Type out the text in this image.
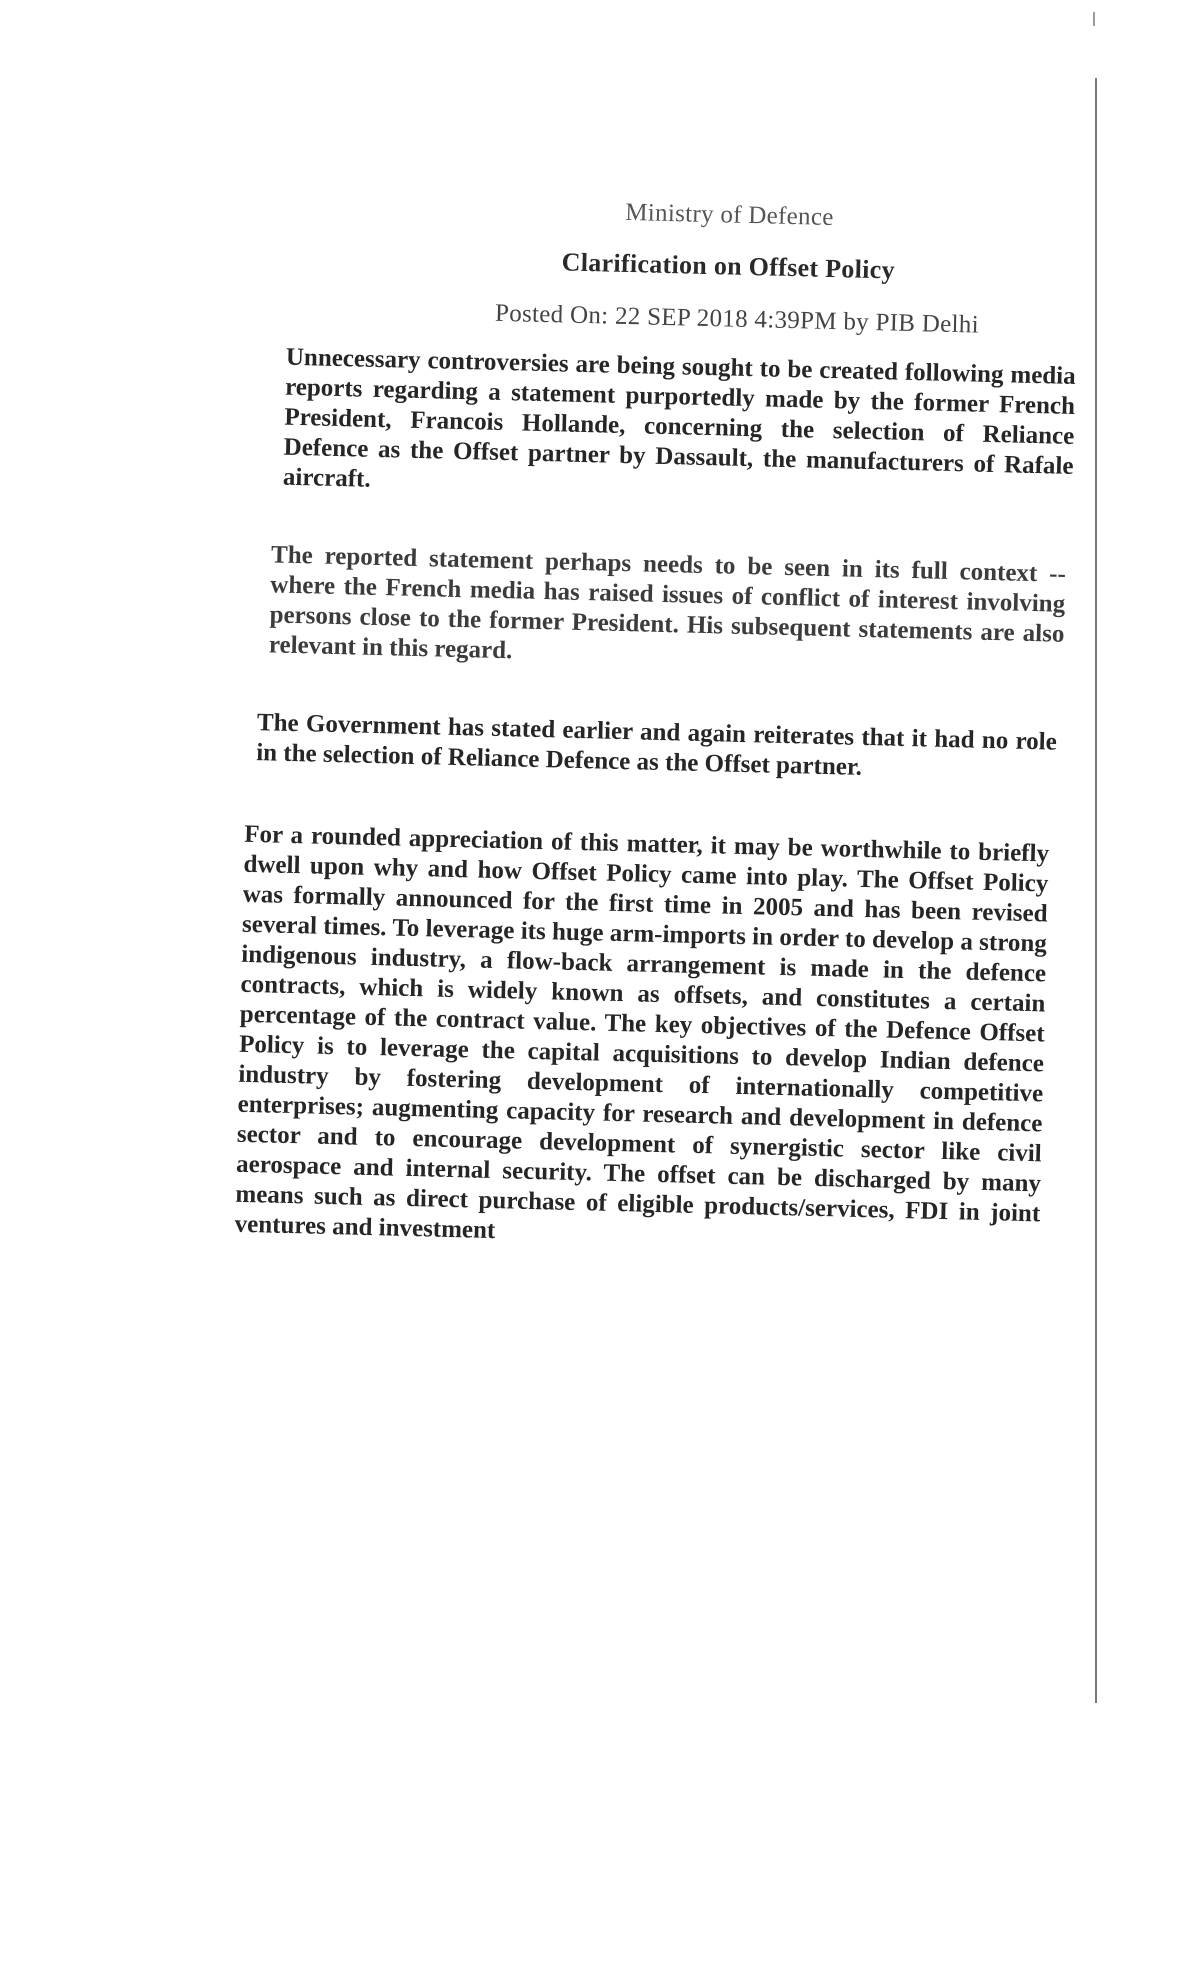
Ministry of Defence

Clarification on Offset Policy

Posted On: 22 SEP 2018 4:39PM by PIB Delhi

Unnecessary controversies are being sought to be created following media reports regarding a statement purportedly made by the former French President, Francois Hollande, concerning the selection of Reliance Defence as the Offset partner by Dassault, the manufacturers of Rafale aircraft.

The reported statement perhaps needs to be seen in its full context -- where the French media has raised issues of conflict of interest involving persons close to the former President. His subsequent statements are also relevant in this regard.

The Government has stated earlier and again reiterates that it had no role in the selection of Reliance Defence as the Offset partner.

For a rounded appreciation of this matter, it may be worthwhile to briefly dwell upon why and how Offset Policy came into play. The Offset Policy was formally announced for the first time in 2005 and has been revised several times. To leverage its huge arm-imports in order to develop a strong indigenous industry, a flow-back arrangement is made in the defence contracts, which is widely known as offsets, and constitutes a certain percentage of the contract value. The key objectives of the Defence Offset Policy is to leverage the capital acquisitions to develop Indian defence industry by fostering development of internationally competitive enterprises; augmenting capacity for research and development in defence sector and to encourage development of synergistic sector like civil aerospace and internal security. The offset can be discharged by many means such as direct purchase of eligible products/services, FDI in joint ventures and investment
